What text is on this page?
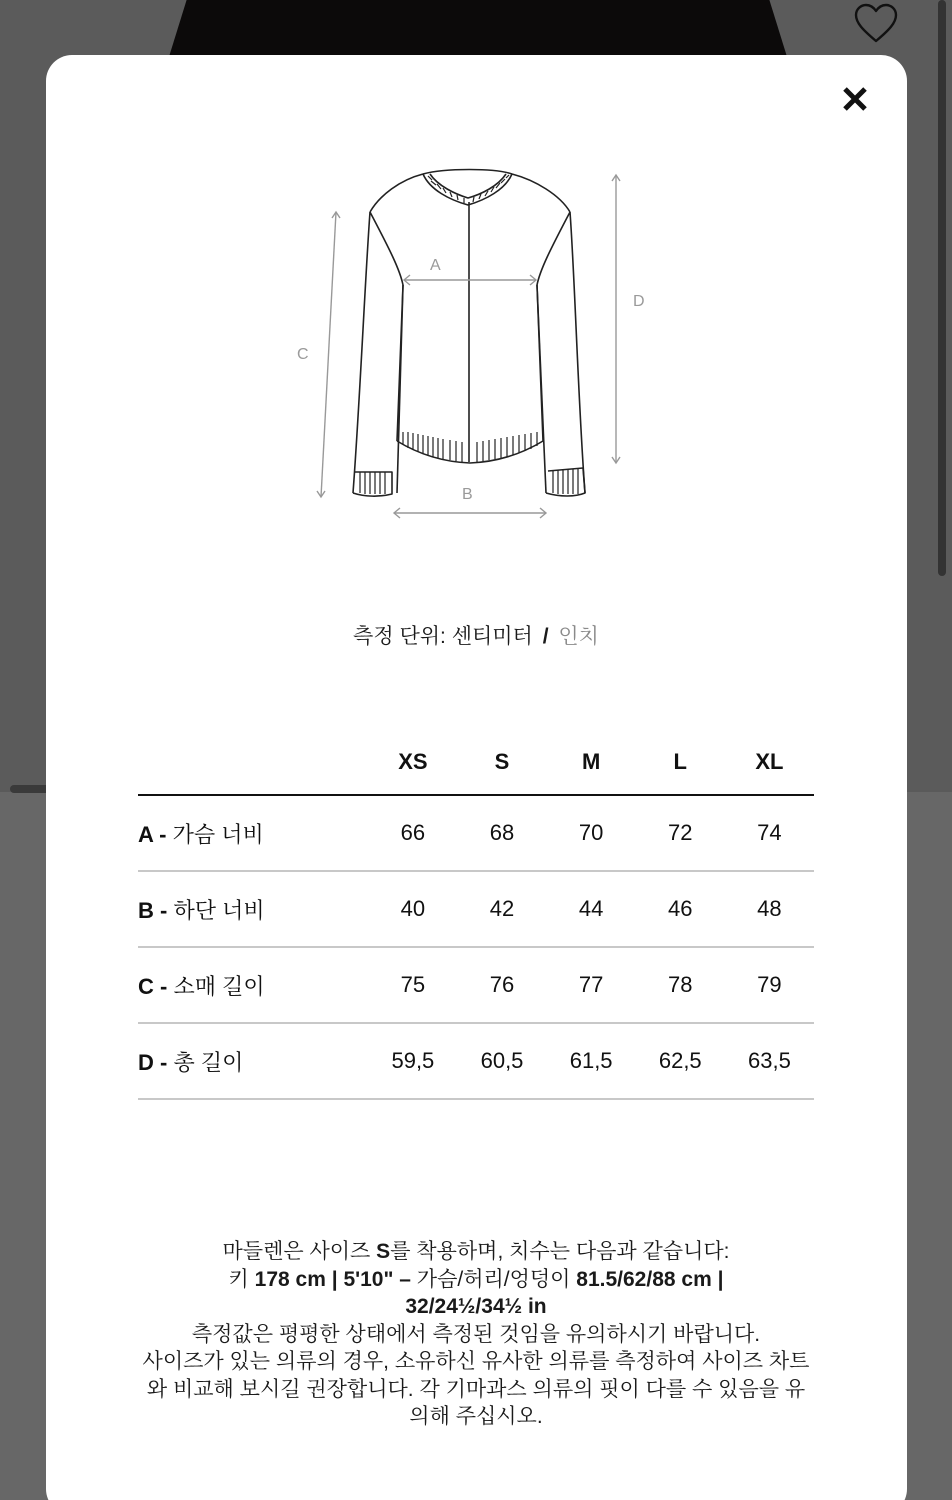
A
B
C
D
측정 단위: 센티미터 / 인치
	XS	S	M	L	XL
A - 가슴 너비	66	68	70	72	74
B - 하단 너비	40	42	44	46	48
C - 소매 길이	75	76	77	78	79
D - 총 길이	59,5	60,5	61,5	62,5	63,5
마들렌은 사이즈 S를 착용하며, 치수는 다음과 같습니다:
키 178 cm | 5'10" – 가슴/허리/엉덩이 81.5/62/88 cm |
32/24½/34½ in
측정값은 평평한 상태에서 측정된 것임을 유의하시기 바랍니다.
사이즈가 있는 의류의 경우, 소유하신 유사한 의류를 측정하여 사이즈 차트와 비교해 보시길 권장합니다. 각 기마과스 의류의 핏이 다를 수 있음을 유의해 주십시오.
